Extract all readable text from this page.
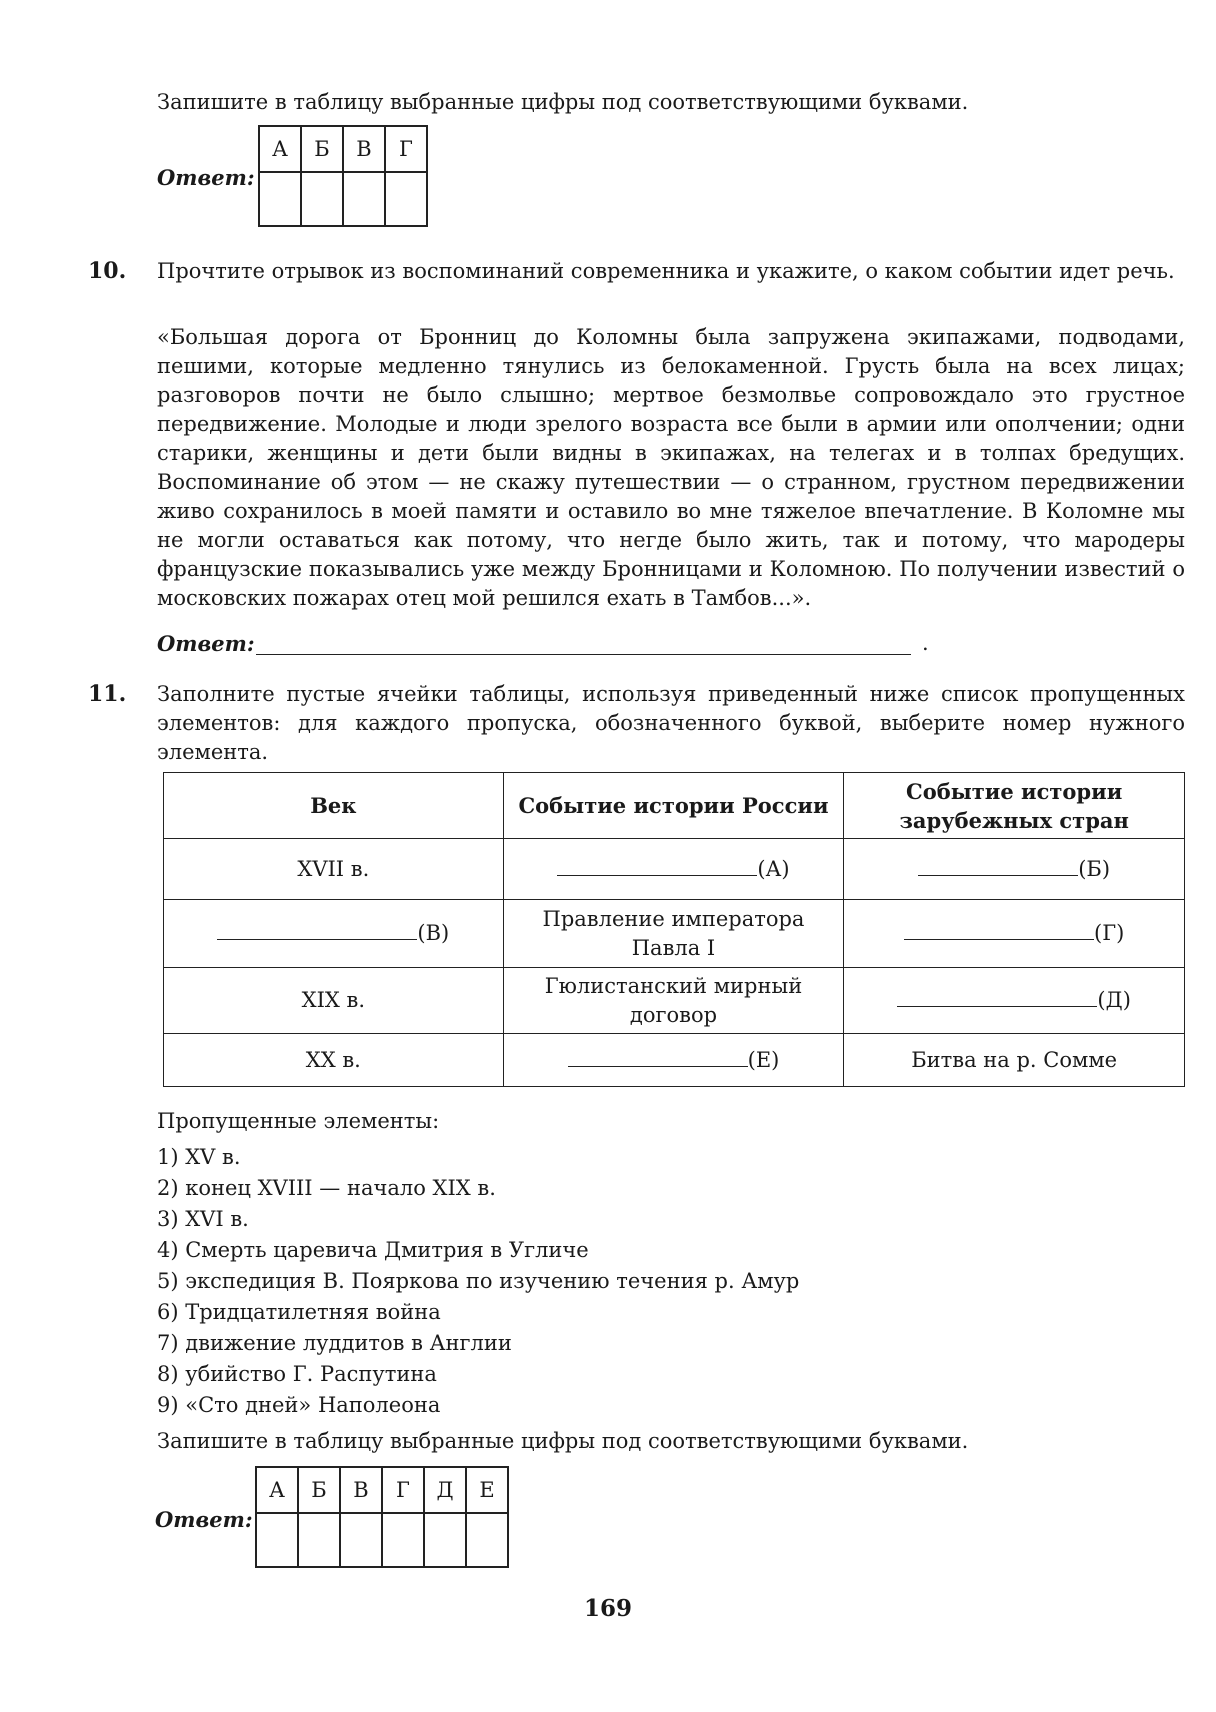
Запишите в таблицу выбранные цифры под соответствующими буквами.
Ответ:
А	Б	В	Г

10. Прочтите отрывок из воспоминаний современника и укажите, о каком событии идет речь.
«Большая дорога от Бронниц до Коломны была запружена экипажами, подводами, пешими, которые медленно тянулись из белокаменной. Грусть была на всех лицах; разговоров почти не было слышно; мертвое безмолвье сопровождало это грустное передвижение. Молодые и люди зрелого возраста все были в армии или ополчении; одни старики, женщины и дети были видны в экипажах, на телегах и в толпах бредущих. Воспоминание об этом — не скажу путешествии — о странном, грустном передвижении живо сохранилось в моей памяти и оставило во мне тяжелое впечатление. В Коломне мы не могли оставаться как потому, что негде было жить, так и потому, что мародеры французские показывались уже между Бронницами и Коломною. По получении известий о московских пожарах отец мой решился ехать в Тамбов...».
Ответ:	.
11. Заполните пустые ячейки таблицы, используя приведенный ниже список пропущенных элементов: для каждого пропуска, обозначенного буквой, выберите номер нужного элемента.
Век	Событие истории России	Событие истории зарубежных стран
XVII в.	(А)	(Б)
(В)	Правление императора Павла I	(Г)
XIX в.	Гюлистанский мирный договор	(Д)
XX в.	(Е)	Битва на р. Сомме
Пропущенные элементы:
1) XV в.
2) конец XVIII — начало XIX в.
3) XVI в.
4) Смерть царевича Дмитрия в Угличе
5) экспедиция В. Пояркова по изучению течения р. Амур
6) Тридцатилетняя война
7) движение луддитов в Англии
8) убийство Г. Распутина
9) «Сто дней» Наполеона
Запишите в таблицу выбранные цифры под соответствующими буквами.
Ответ:
А	Б	В	Г	Д	Е

169
